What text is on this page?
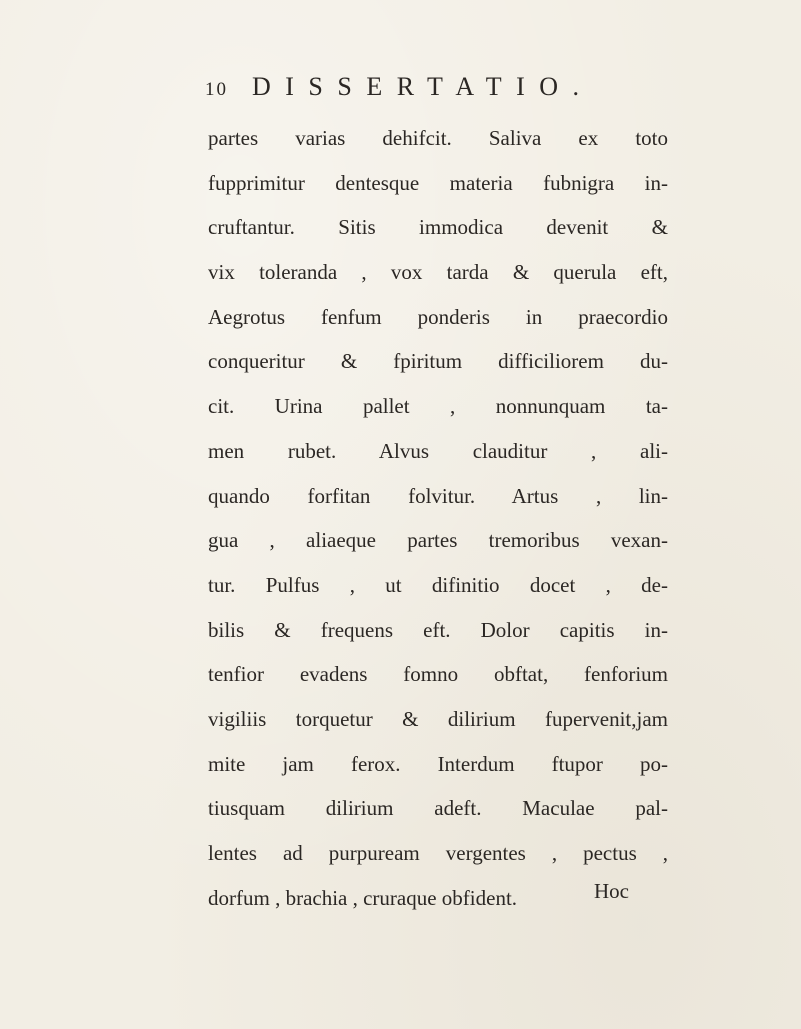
10 DISSERTATIO.
partes varias dehifcit. Saliva ex toto
fupprimitur dentesque materia fubnigra in-
cruftantur. Sitis immodica devenit &
vix toleranda , vox tarda & querula eft,
Aegrotus fenfum ponderis in praecordio
conqueritur & fpiritum difficiliorem du-
cit. Urina pallet , nonnunquam ta-
men rubet. Alvus clauditur , ali-
quando forfitan folvitur. Artus , lin-
gua , aliaeque partes tremoribus vexan-
tur. Pulfus , ut difinitio docet , de-
bilis & frequens eft. Dolor capitis in-
tenfior evadens fomno obftat, fenforium
vigiliis torquetur & dilirium fupervenit,jam
mite jam ferox. Interdum ftupor po-
tiusquam dilirium adeft. Maculae pal-
lentes ad purpuream vergentes , pectus ,
dorfum , brachia , cruraque obfident.	Hoc
